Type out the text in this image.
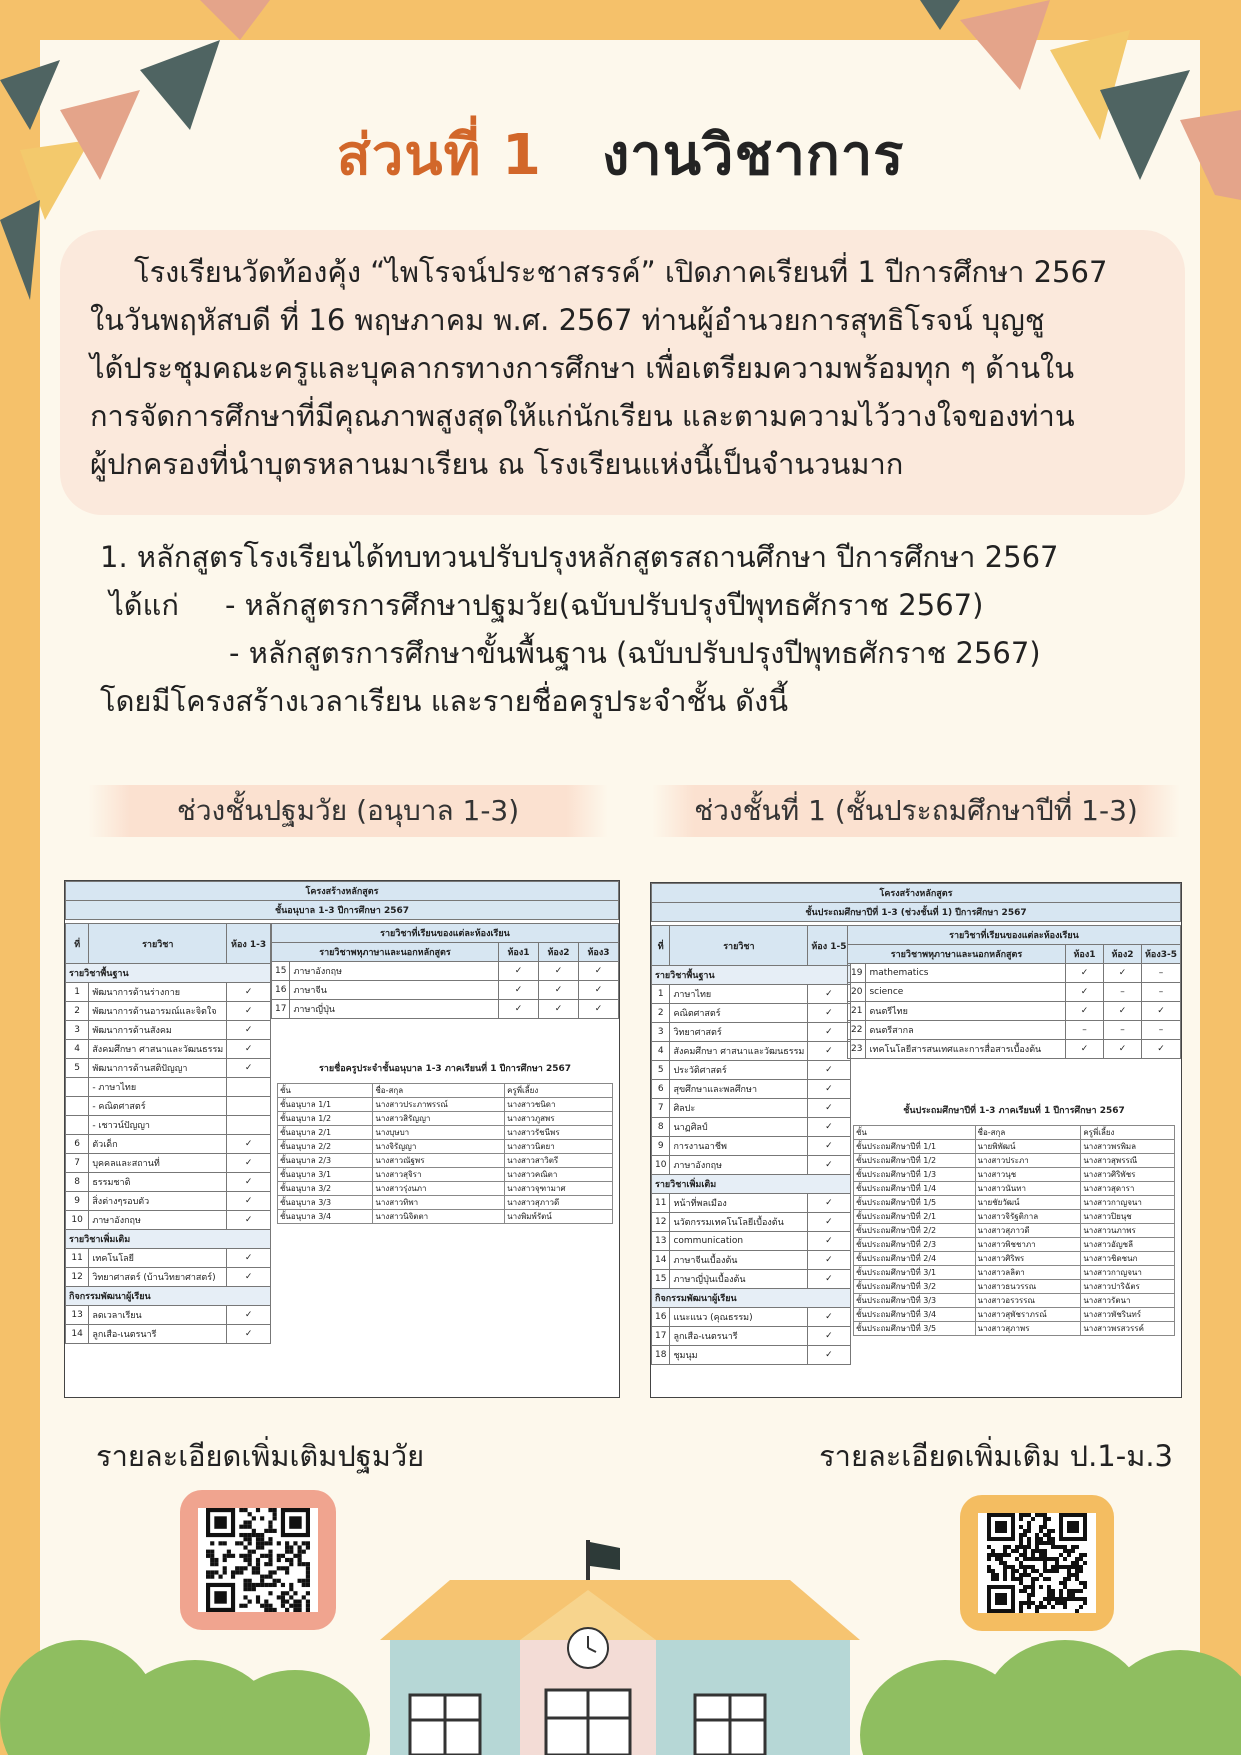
ส่วนที่ 1 งานวิชาการ
โรงเรียนวัดท้องคุ้ง “ไพโรจน์ประชาสรรค์” เปิดภาคเรียนที่ 1 ปีการศึกษา 2567
ในวันพฤหัสบดี ที่ 16 พฤษภาคม พ.ศ. 2567 ท่านผู้อำนวยการสุทธิโรจน์ บุญชู
ได้ประชุมคณะครูและบุคลากรทางการศึกษา เพื่อเตรียมความพร้อมทุก ๆ ด้านใน
การจัดการศึกษาที่มีคุณภาพสูงสุดให้แก่นักเรียน และตามความไว้วางใจของท่าน
ผู้ปกครองที่นำบุตรหลานมาเรียน ณ โรงเรียนแห่งนี้เป็นจำนวนมาก
1. หลักสูตรโรงเรียนได้ทบทวนปรับปรุงหลักสูตรสถานศึกษา ปีการศึกษา 2567
ได้แก่     - หลักสูตรการศึกษาปฐมวัย(ฉบับปรับปรุงปีพุทธศักราช 2567)
- หลักสูตรการศึกษาขั้นพื้นฐาน (ฉบับปรับปรุงปีพุทธศักราช 2567)
โดยมีโครงสร้างเวลาเรียน และรายชื่อครูประจำชั้น ดังนี้
ช่วงชั้นปฐมวัย (อนุบาล 1-3)	ช่วงชั้นที่ 1 (ชั้นประถมศึกษาปีที่ 1-3)
โครงสร้างหลักสูตร
ชั้นอนุบาล 1-3 ปีการศึกษา 2567
ที่	รายวิชา	ห้อง 1-3
รายวิชาพื้นฐาน		
1	พัฒนาการด้านร่างกาย	✓
2	พัฒนาการด้านอารมณ์และจิตใจ	✓
3	พัฒนาการด้านสังคม	✓
4	สังคมศึกษา ศาสนาและวัฒนธรรม	✓
5	พัฒนาการด้านสติปัญญา	✓
	- ภาษาไทย	
	- คณิตศาสตร์	
	- เชาวน์ปัญญา	
6	ตัวเด็ก	✓
7	บุคคลและสถานที่	✓
8	ธรรมชาติ	✓
9	สิ่งต่างๆรอบตัว	✓
10	ภาษาอังกฤษ	✓
รายวิชาเพิ่มเติม		
11	เทคโนโลยี	✓
12	วิทยาศาสตร์ (บ้านวิทยาศาสตร์)	✓
กิจกรรมพัฒนาผู้เรียน		
13	ลดเวลาเรียน	✓
14	ลูกเสือ-เนตรนารี	✓
รายวิชาที่เรียนของแต่ละห้องเรียน				
รายวิชาพหุภาษาและนอกหลักสูตร		ห้อง1	ห้อง2	ห้อง3
15	ภาษาอังกฤษ	✓	✓	✓
16	ภาษาจีน	✓	✓	✓
17	ภาษาญี่ปุ่น	✓	✓	✓
รายชื่อครูประจำชั้นอนุบาล 1-3 ภาคเรียนที่ 1 ปีการศึกษา 2567
ชั้น	ชื่อ-สกุล	ครูพี่เลี้ยง
ชั้นอนุบาล 1/1	นางสาวประภาพรรณ์	นางสาวชนิดา
ชั้นอนุบาล 1/2	นางสาวสิรัญญา	นางสาวภูสพร
ชั้นอนุบาล 2/1	นางบุษบา	นางสาวรัชนีพร
ชั้นอนุบาล 2/2	นางจิรัญญา	นางสาวนิตยา
ชั้นอนุบาล 2/3	นางสาวณัฐพร	นางสาวสาวิตรี
ชั้นอนุบาล 3/1	นางสาวสุจิรา	นางสาวคณิตา
ชั้นอนุบาล 3/2	นางสาวรุ่งนภา	นางสาวจุฑามาศ
ชั้นอนุบาล 3/3	นางสาวทิพา	นางสาวสุภาวดี
ชั้นอนุบาล 3/4	นางสาวนิจิตตา	นางพิมพ์รัตน์
โครงสร้างหลักสูตร
ชั้นประถมศึกษาปีที่ 1-3 (ช่วงชั้นที่ 1) ปีการศึกษา 2567
ที่	รายวิชา	ห้อง 1-5
รายวิชาพื้นฐาน		
1	ภาษาไทย	✓
2	คณิตศาสตร์	✓
3	วิทยาศาสตร์	✓
4	สังคมศึกษา ศาสนาและวัฒนธรรม	✓
5	ประวัติศาสตร์	✓
6	สุขศึกษาและพลศึกษา	✓
7	ศิลปะ	✓
8	นาฏศิลป์	✓
9	การงานอาชีพ	✓
10	ภาษาอังกฤษ	✓
รายวิชาเพิ่มเติม		
11	หน้าที่พลเมือง	✓
12	นวัตกรรมเทคโนโลยีเบื้องต้น	✓
13	communication	✓
14	ภาษาจีนเบื้องต้น	✓
15	ภาษาญี่ปุ่นเบื้องต้น	✓
กิจกรรมพัฒนาผู้เรียน		
16	แนะแนว (คุณธรรม)	✓
17	ลูกเสือ-เนตรนารี	✓
18	ชุมนุม	✓
รายวิชาที่เรียนของแต่ละห้องเรียน				
รายวิชาพหุภาษาและนอกหลักสูตร		ห้อง1	ห้อง2	ห้อง3-5
19	mathematics	✓	✓	–
20	science	✓	–	–
21	ดนตรีไทย	✓	✓	✓
22	ดนตรีสากล	–	–	–
23	เทคโนโลยีสารสนเทศและการสื่อสารเบื้องต้น	✓	✓	✓
ชั้นประถมศึกษาปีที่ 1-3 ภาคเรียนที่ 1 ปีการศึกษา 2567
ชั้น	ชื่อ-สกุล	ครูพี่เลี้ยง
ชั้นประถมศึกษาปีที่ 1/1	นายพิพัฒน์	นางสาวพรพิมล
ชั้นประถมศึกษาปีที่ 1/2	นางสาวประภา	นางสาวสุพรรณี
ชั้นประถมศึกษาปีที่ 1/3	นางสาวนุช	นางสาวศิริพัชร
ชั้นประถมศึกษาปีที่ 1/4	นางสาวนันทา	นางสาวสุดารา
ชั้นประถมศึกษาปีที่ 1/5	นายชัยวัฒน์	นางสาวกาญจนา
ชั้นประถมศึกษาปีที่ 2/1	นางสาวจิรัฐติกาล	นางสาวปิยนุช
ชั้นประถมศึกษาปีที่ 2/2	นางสาวสุภาวดี	นางสาวนภาพร
ชั้นประถมศึกษาปีที่ 2/3	นางสาวพิชชาภา	นางสาวอัญชลี
ชั้นประถมศึกษาปีที่ 2/4	นางสาวศิริพร	นางสาวชิดชนก
ชั้นประถมศึกษาปีที่ 3/1	นางสาวลลิตา	นางสาวกาญจนา
ชั้นประถมศึกษาปีที่ 3/2	นางสาวธนวรรณ	นางสาวปาริฉัตร
ชั้นประถมศึกษาปีที่ 3/3	นางสาวอรวรรณ	นางสาวรัตนา
ชั้นประถมศึกษาปีที่ 3/4	นางสาวสุพัชราภรณ์	นางสาวพัชรินทร์
ชั้นประถมศึกษาปีที่ 3/5	นางสาวสุภาพร	นางสาวพรสวรรค์
รายละเอียดเพิ่มเติมปฐมวัย	รายละเอียดเพิ่มเติม ป.1-ม.3
